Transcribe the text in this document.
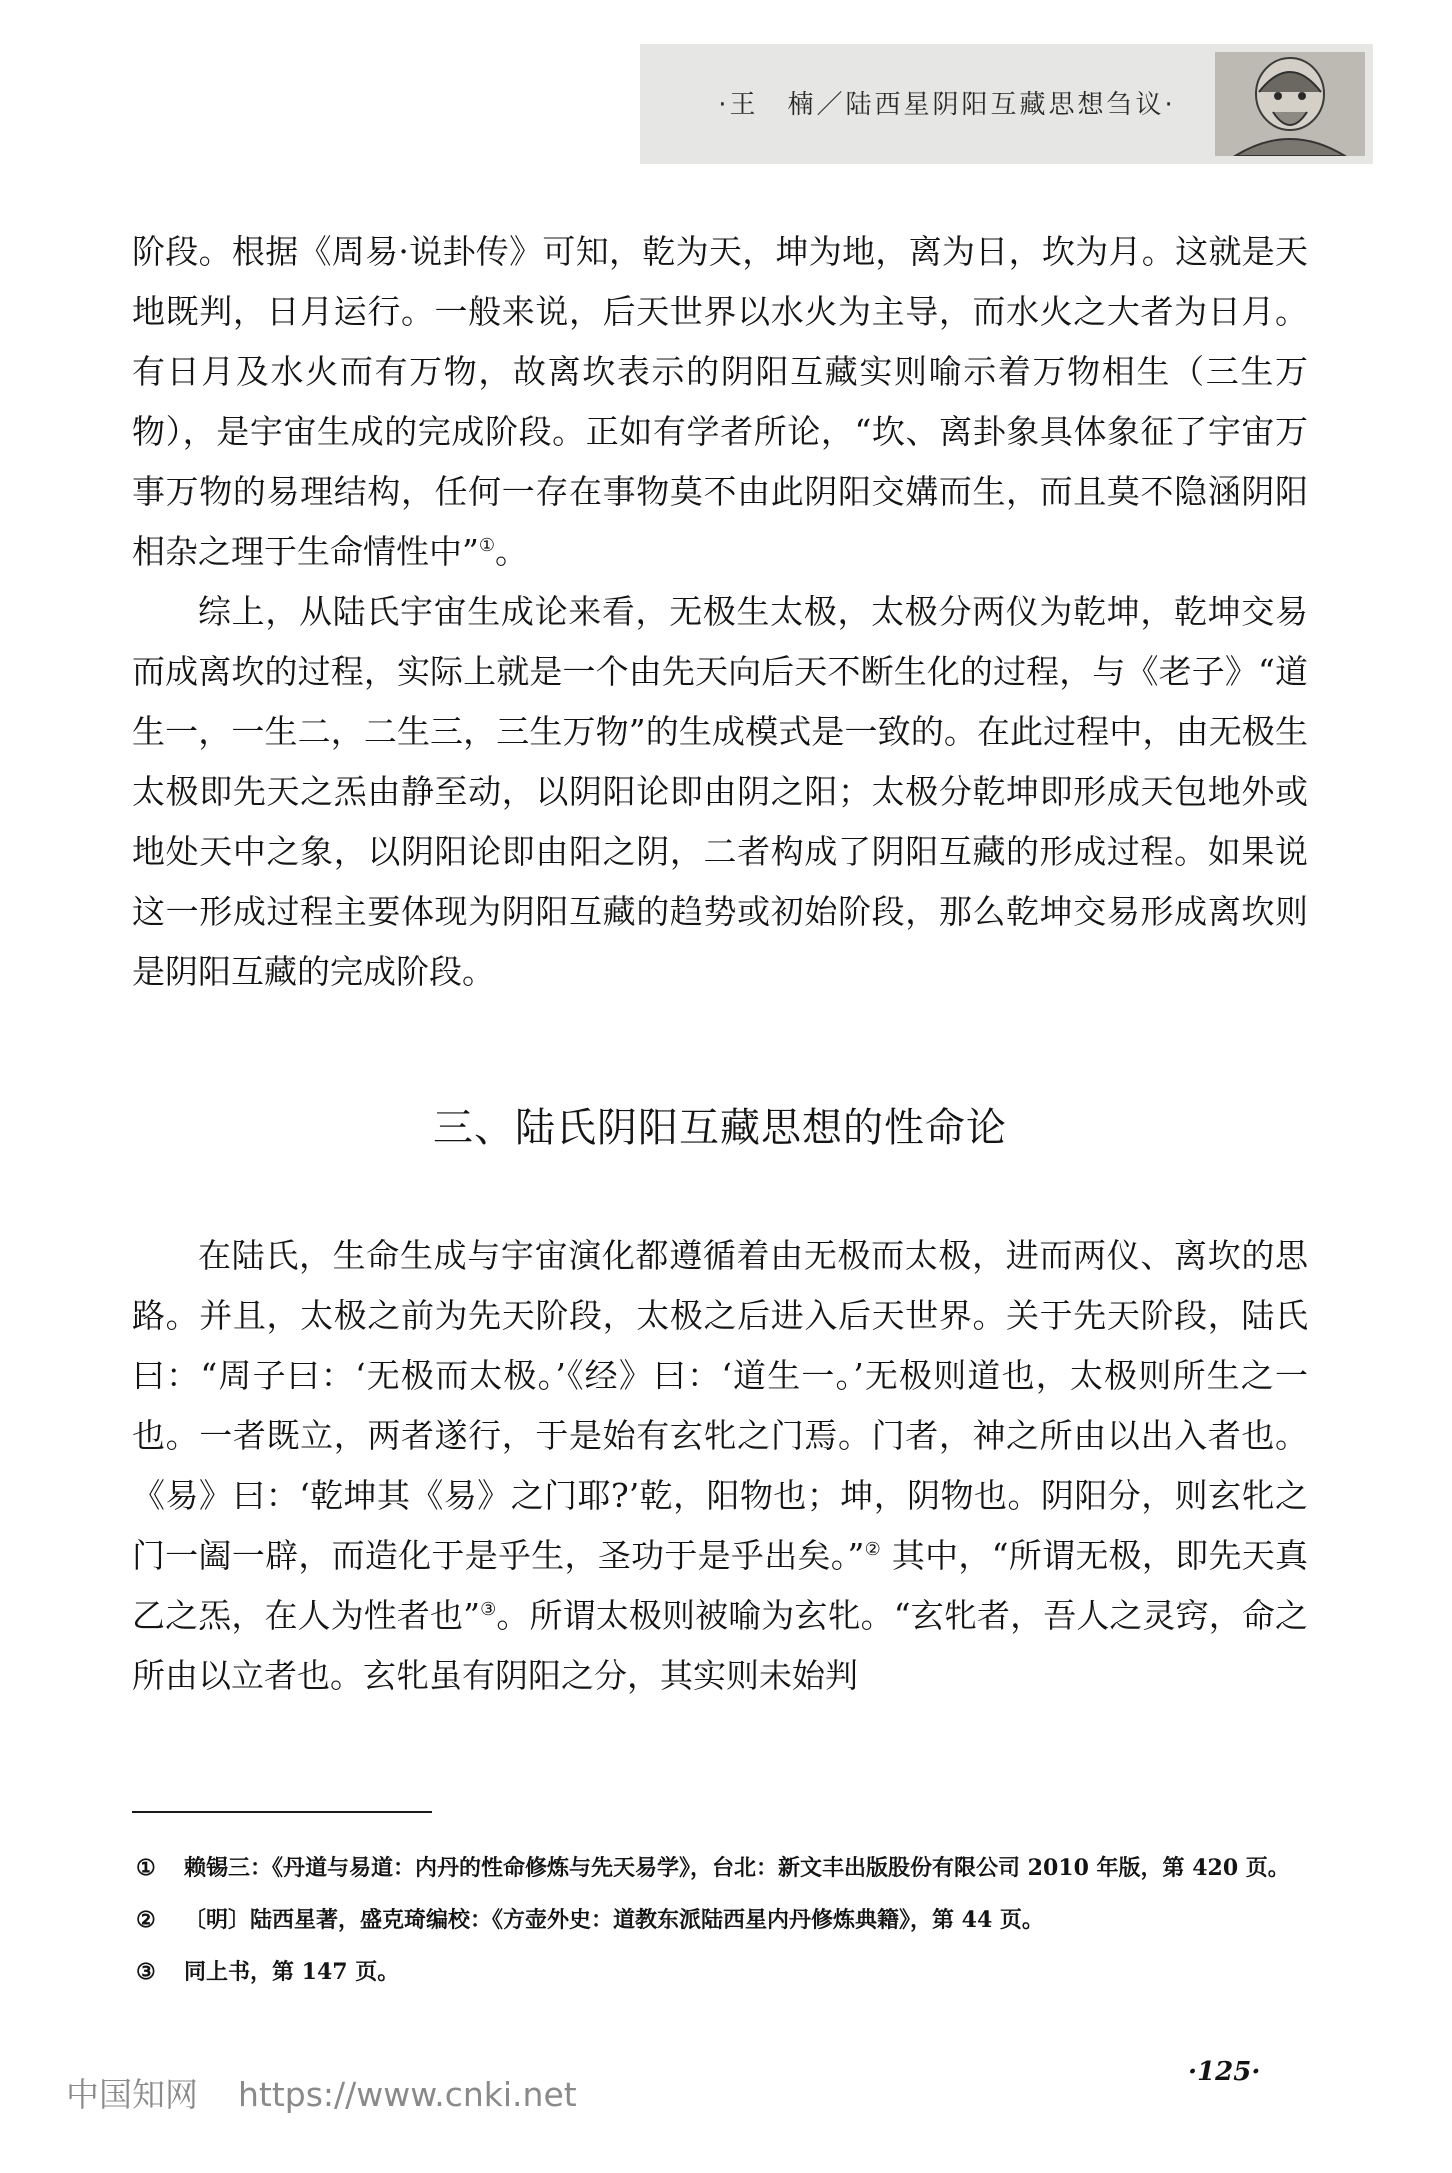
·王　楠／陆西星阴阳互藏思想刍议·

阶段。根据《周易·说卦传》可知，乾为天，坤为地，离为日，坎为月。这就是天地既判，日月运行。一般来说，后天世界以水火为主导，而水火之大者为日月。有日月及水火而有万物，故离坎表示的阴阳互藏实则喻示着万物相生（三生万物），是宇宙生成的完成阶段。正如有学者所论，“坎、离卦象具体象征了宇宙万事万物的易理结构，任何一存在事物莫不由此阴阳交媾而生，而且莫不隐涵阴阳相杂之理于生命情性中”①。

综上，从陆氏宇宙生成论来看，无极生太极，太极分两仪为乾坤，乾坤交易而成离坎的过程，实际上就是一个由先天向后天不断生化的过程，与《老子》“道生一，一生二，二生三，三生万物”的生成模式是一致的。在此过程中，由无极生太极即先天之炁由静至动，以阴阳论即由阴之阳；太极分乾坤即形成天包地外或地处天中之象，以阴阳论即由阳之阴，二者构成了阴阳互藏的形成过程。如果说这一形成过程主要体现为阴阳互藏的趋势或初始阶段，那么乾坤交易形成离坎则是阴阳互藏的完成阶段。

三、陆氏阴阳互藏思想的性命论

在陆氏，生命生成与宇宙演化都遵循着由无极而太极，进而两仪、离坎的思路。并且，太极之前为先天阶段，太极之后进入后天世界。关于先天阶段，陆氏曰：“周子曰：‘无极而太极。’《经》曰：‘道生一。’无极则道也，太极则所生之一也。一者既立，两者遂行，于是始有玄牝之门焉。门者，神之所由以出入者也。《易》曰：‘乾坤其《易》之门耶?’乾，阳物也；坤，阴物也。阴阳分，则玄牝之门一阖一辟，而造化于是乎生，圣功于是乎出矣。”② 其中，“所谓无极，即先天真乙之炁，在人为性者也”③。所谓太极则被喻为玄牝。“玄牝者，吾人之灵窍，命之所由以立者也。玄牝虽有阴阳之分，其实则未始判

① 赖锡三：《丹道与易道：内丹的性命修炼与先天易学》，台北：新文丰出版股份有限公司 2010 年版，第 420 页。

② 〔明〕陆西星著，盛克琦编校：《方壶外史：道教东派陆西星内丹修炼典籍》，第 44 页。

③ 同上书，第 147 页。

·125·
中国知网 https://www.cnki.net
